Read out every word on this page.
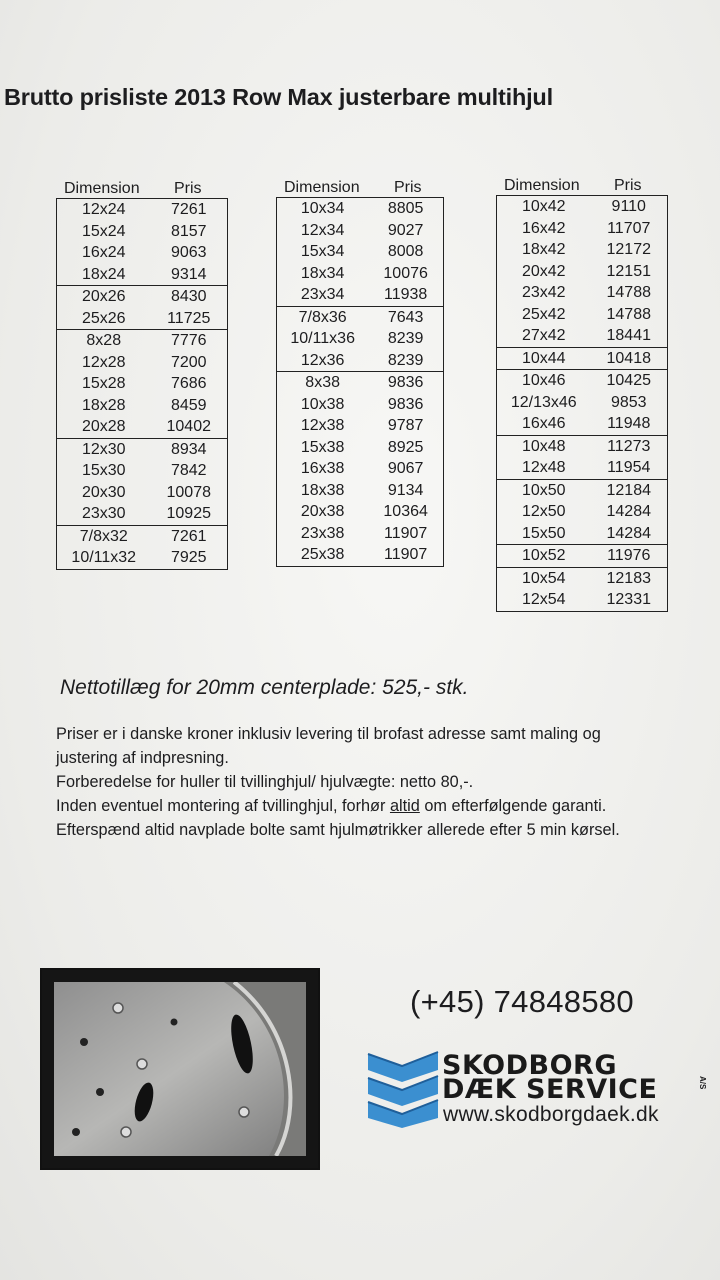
Brutto prisliste 2013 Row Max justerbare multihjul
Dimension Pris
12x24	7261
15x24	8157
16x24	9063
18x24	9314
20x26	8430
25x26	11725
8x28	7776
12x28	7200
15x28	7686
18x28	8459
20x28	10402
12x30	8934
15x30	7842
20x30	10078
23x30	10925
7/8x32	7261
10/11x32	7925
Dimension Pris
10x34	8805
12x34	9027
15x34	8008
18x34	10076
23x34	11938
7/8x36	7643
10/11x36	8239
12x36	8239
8x38	9836
10x38	9836
12x38	9787
15x38	8925
16x38	9067
18x38	9134
20x38	10364
23x38	11907
25x38	11907
Dimension Pris
10x42	9110
16x42	11707
18x42	12172
20x42	12151
23x42	14788
25x42	14788
27x42	18441
10x44	10418
10x46	10425
12/13x46	9853
16x46	11948
10x48	11273
12x48	11954
10x50	12184
12x50	14284
15x50	14284
10x52	11976
10x54	12183
12x54	12331
Nettotillæg for 20mm centerplade: 525,- stk.

Priser er i danske kroner inklusiv levering til brofast adresse samt maling og

justering af indpresning.

Forberedelse for huller til tvillinghjul/ hjulvægte: netto 80,-.

Inden eventuel montering af tvillinghjul, forhør altid om efterfølgende garanti.

Efterspænd altid navplade bolte samt hjulmøtrikker allerede efter 5 min kørsel.

(+45) 74848580
SKODBORG
DÆK SERVICE	A/S
www.skodborgdaek.dk
